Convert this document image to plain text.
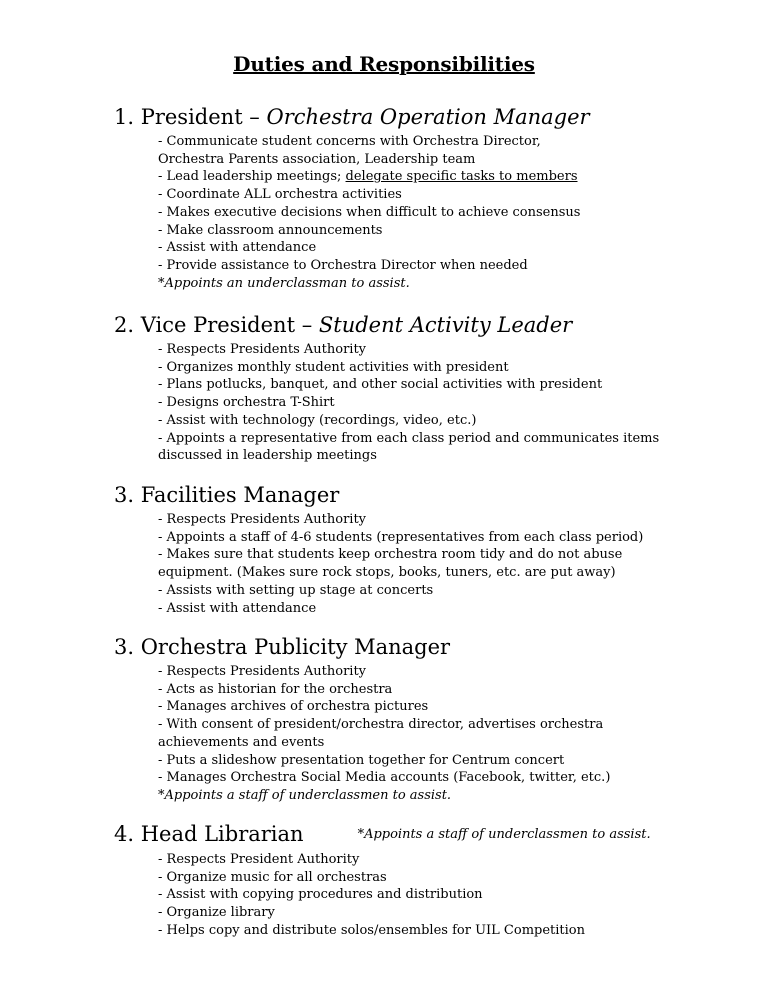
Duties and Responsibilities
1. President – Orchestra Operation Manager
- Communicate student concerns with Orchestra Director,
Orchestra Parents association, Leadership team
- Lead leadership meetings; delegate specific tasks to members
- Coordinate ALL orchestra activities
- Makes executive decisions when difficult to achieve consensus
- Make classroom announcements
- Assist with attendance
- Provide assistance to Orchestra Director when needed
*Appoints an underclassman to assist.
2. Vice President – Student Activity Leader
- Respects Presidents Authority
- Organizes monthly student activities with president
- Plans potlucks, banquet, and other social activities with president
- Designs orchestra T-Shirt
- Assist with technology (recordings, video, etc.)
- Appoints a representative from each class period and communicates items
discussed in leadership meetings
3. Facilities Manager
- Respects Presidents Authority
- Appoints a staff of 4-6 students (representatives from each class period)
- Makes sure that students keep orchestra room tidy and do not abuse
equipment. (Makes sure rock stops, books, tuners, etc. are put away)
- Assists with setting up stage at concerts
- Assist with attendance
3. Orchestra Publicity Manager
- Respects Presidents Authority
- Acts as historian for the orchestra
- Manages archives of orchestra pictures
- With consent of president/orchestra director, advertises orchestra
achievements and events
- Puts a slideshow presentation together for Centrum concert
- Manages Orchestra Social Media accounts (Facebook, twitter, etc.)
*Appoints a staff of underclassmen to assist.
4. Head Librarian	*Appoints a staff of underclassmen to assist.
- Respects President Authority
- Organize music for all orchestras
- Assist with copying procedures and distribution
- Organize library
- Helps copy and distribute solos/ensembles for UIL Competition
